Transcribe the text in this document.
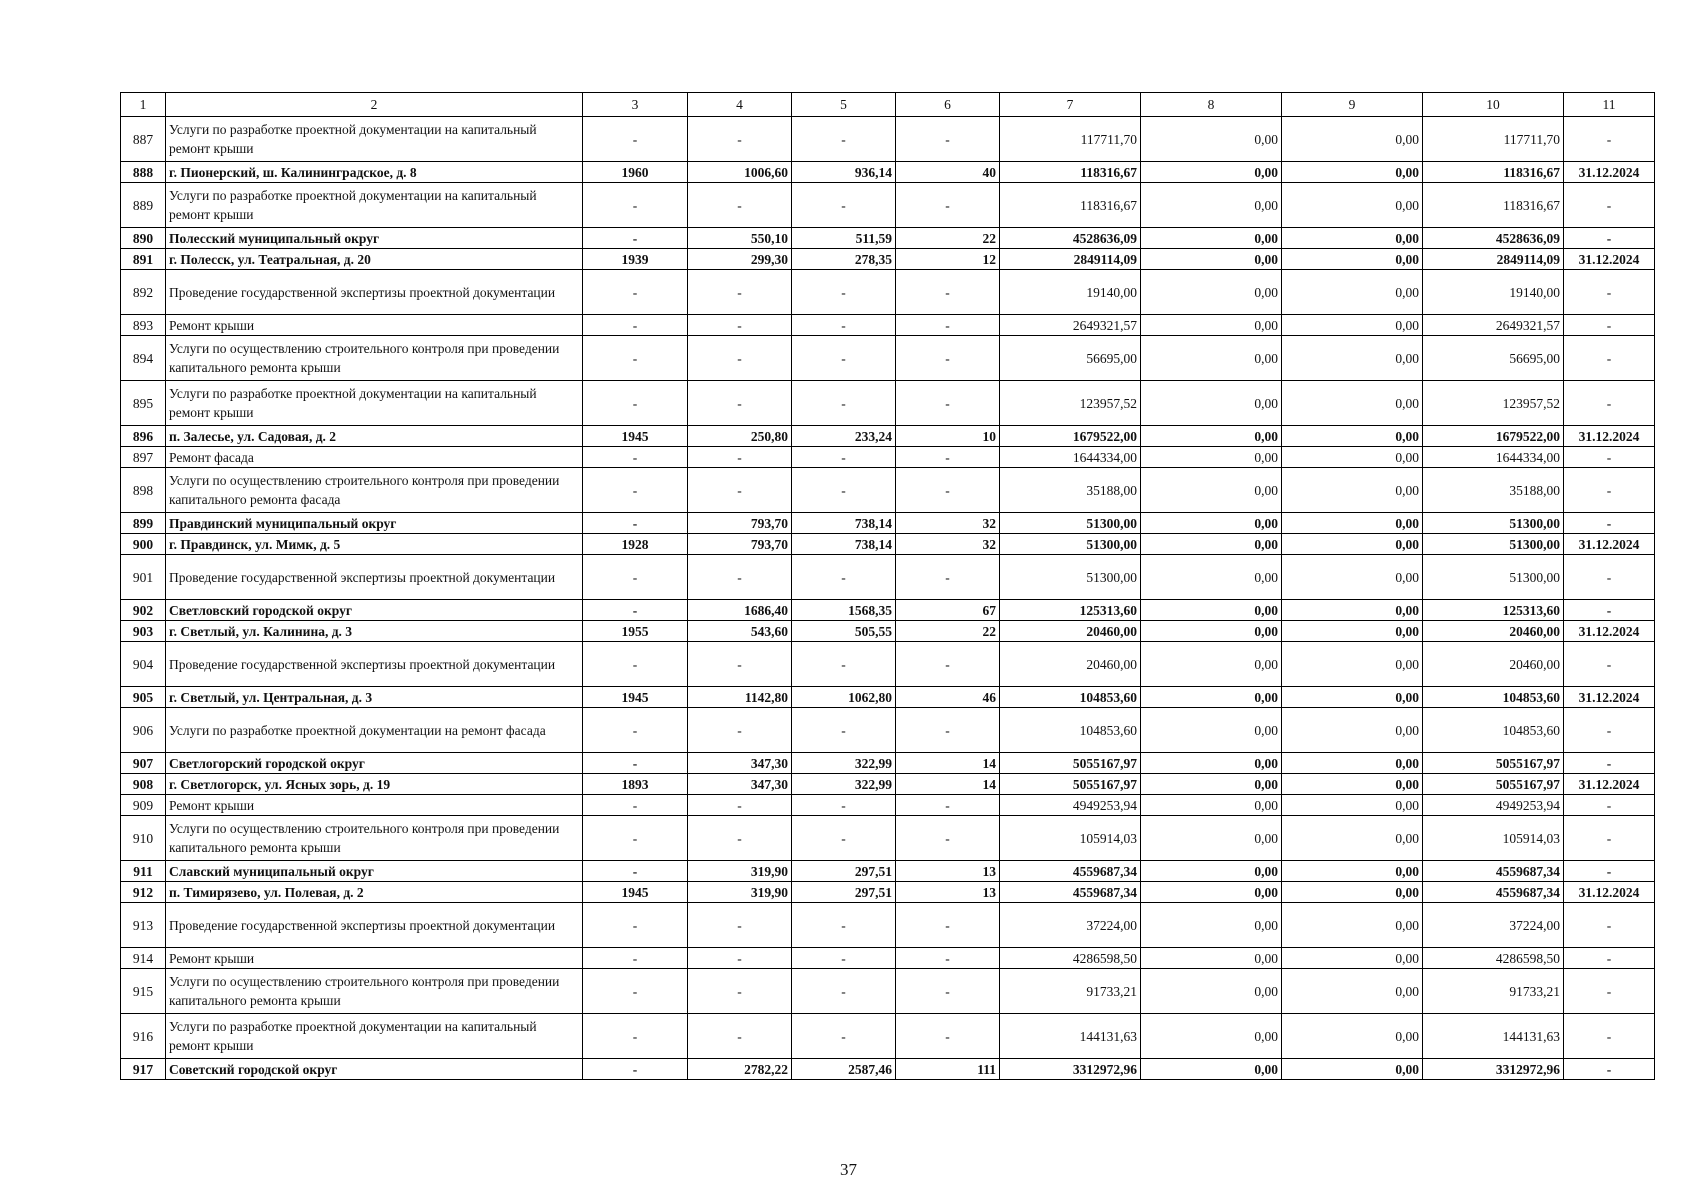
1	2	3	4	5	6	7	8	9	10	11
887	Услуги по разработке проектной документации на капитальный ремонт крыши	-	-	-	-	117711,70	0,00	0,00	117711,70	-
888	г. Пионерский, ш. Калининградское, д. 8	1960	1006,60	936,14	40	118316,67	0,00	0,00	118316,67	31.12.2024
889	Услуги по разработке проектной документации на капитальный ремонт крыши	-	-	-	-	118316,67	0,00	0,00	118316,67	-
890	Полесский муниципальный округ	-	550,10	511,59	22	4528636,09	0,00	0,00	4528636,09	-
891	г. Полесск, ул. Театральная, д. 20	1939	299,30	278,35	12	2849114,09	0,00	0,00	2849114,09	31.12.2024
892	Проведение государственной экспертизы проектной документации	-	-	-	-	19140,00	0,00	0,00	19140,00	-
893	Ремонт крыши	-	-	-	-	2649321,57	0,00	0,00	2649321,57	-
894	Услуги по осуществлению строительного контроля при проведении капитального ремонта крыши	-	-	-	-	56695,00	0,00	0,00	56695,00	-
895	Услуги по разработке проектной документации на капитальный ремонт крыши	-	-	-	-	123957,52	0,00	0,00	123957,52	-
896	п. Залесье, ул. Садовая, д. 2	1945	250,80	233,24	10	1679522,00	0,00	0,00	1679522,00	31.12.2024
897	Ремонт фасада	-	-	-	-	1644334,00	0,00	0,00	1644334,00	-
898	Услуги по осуществлению строительного контроля при проведении капитального ремонта фасада	-	-	-	-	35188,00	0,00	0,00	35188,00	-
899	Правдинский муниципальный округ	-	793,70	738,14	32	51300,00	0,00	0,00	51300,00	-
900	г. Правдинск, ул. Мимк, д. 5	1928	793,70	738,14	32	51300,00	0,00	0,00	51300,00	31.12.2024
901	Проведение государственной экспертизы проектной документации	-	-	-	-	51300,00	0,00	0,00	51300,00	-
902	Светловский городской округ	-	1686,40	1568,35	67	125313,60	0,00	0,00	125313,60	-
903	г. Светлый, ул. Калинина, д. 3	1955	543,60	505,55	22	20460,00	0,00	0,00	20460,00	31.12.2024
904	Проведение государственной экспертизы проектной документации	-	-	-	-	20460,00	0,00	0,00	20460,00	-
905	г. Светлый, ул. Центральная, д. 3	1945	1142,80	1062,80	46	104853,60	0,00	0,00	104853,60	31.12.2024
906	Услуги по разработке проектной документации на ремонт фасада	-	-	-	-	104853,60	0,00	0,00	104853,60	-
907	Светлогорский городской округ	-	347,30	322,99	14	5055167,97	0,00	0,00	5055167,97	-
908	г. Светлогорск, ул. Ясных зорь, д. 19	1893	347,30	322,99	14	5055167,97	0,00	0,00	5055167,97	31.12.2024
909	Ремонт крыши	-	-	-	-	4949253,94	0,00	0,00	4949253,94	-
910	Услуги по осуществлению строительного контроля при проведении капитального ремонта крыши	-	-	-	-	105914,03	0,00	0,00	105914,03	-
911	Славский муниципальный округ	-	319,90	297,51	13	4559687,34	0,00	0,00	4559687,34	-
912	п. Тимирязево, ул. Полевая, д. 2	1945	319,90	297,51	13	4559687,34	0,00	0,00	4559687,34	31.12.2024
913	Проведение государственной экспертизы проектной документации	-	-	-	-	37224,00	0,00	0,00	37224,00	-
914	Ремонт крыши	-	-	-	-	4286598,50	0,00	0,00	4286598,50	-
915	Услуги по осуществлению строительного контроля при проведении капитального ремонта крыши	-	-	-	-	91733,21	0,00	0,00	91733,21	-
916	Услуги по разработке проектной документации на капитальный ремонт крыши	-	-	-	-	144131,63	0,00	0,00	144131,63	-
917	Советский городской округ	-	2782,22	2587,46	111	3312972,96	0,00	0,00	3312972,96	-
37
